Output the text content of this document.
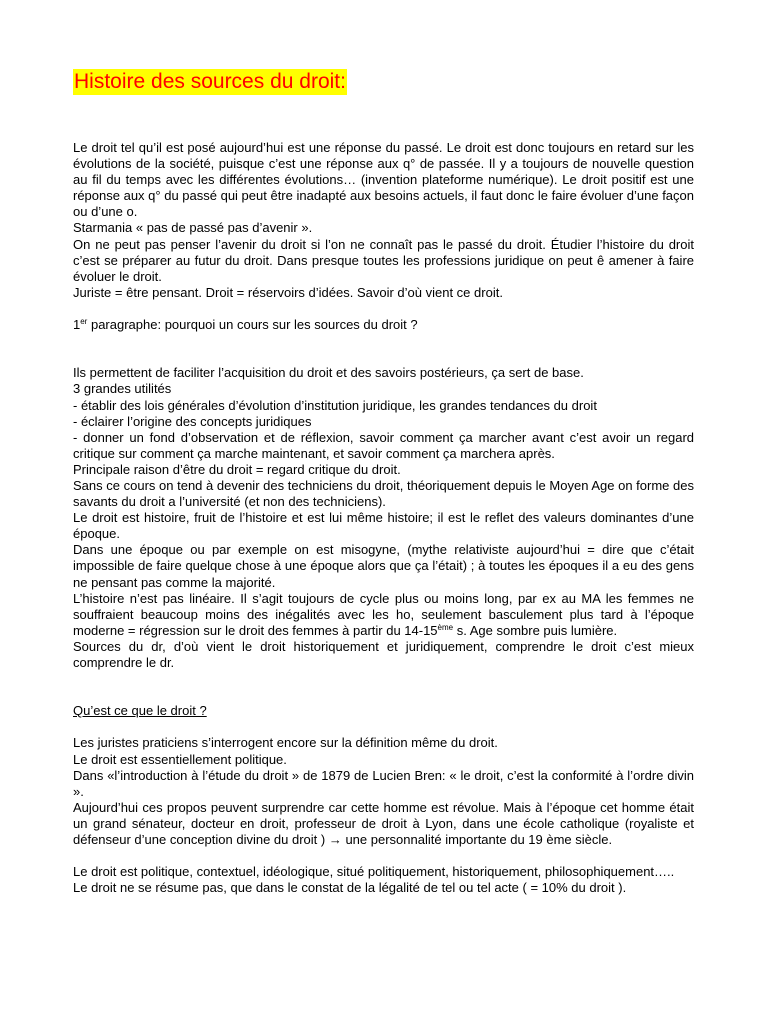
Histoire des sources du droit:

Le droit tel qu’il est posé aujourd’hui est une réponse du passé. Le droit est donc toujours en retard sur les évolutions de la société, puisque c’est une réponse aux q° de passée. Il y a toujours de nouvelle question au fil du temps avec les différentes évolutions… (invention plateforme numérique). Le droit positif est une réponse aux q° du passé qui peut être inadapté aux besoins actuels, il faut donc le faire évoluer d’une façon ou d’une o.

Starmania « pas de passé pas d’avenir ».

On ne peut pas penser l’avenir du droit si l’on ne connaît pas le passé du droit. Étudier l’histoire du droit c’est se préparer au futur du droit. Dans presque toutes les professions juridique on peut ê amener à faire évoluer le droit.

Juriste = être pensant. Droit = réservoirs d’idées. Savoir d’où vient ce droit.

1er paragraphe: pourquoi un cours sur les sources du droit ?

Ils permettent de faciliter l’acquisition du droit et des savoirs postérieurs, ça sert de base.

3 grandes utilités

- établir des lois générales d’évolution d’institution juridique, les grandes tendances du droit

- éclairer l’origine des concepts juridiques

- donner un fond d’observation et de réflexion, savoir comment ça marcher avant c’est avoir un regard critique sur comment ça marche maintenant, et savoir comment ça marchera après.

Principale raison d’être du droit = regard critique du droit.

Sans ce cours on tend à devenir des techniciens du droit, théoriquement depuis le Moyen Age on forme des savants du droit a l’université (et non des techniciens).

Le droit est histoire, fruit de l’histoire et est lui même histoire; il est le reflet des valeurs dominantes d’une époque.

Dans une époque ou par exemple on est misogyne, (mythe relativiste aujourd’hui = dire que c’était impossible de faire quelque chose à une époque alors que ça l’était) ; à toutes les époques il a eu des gens ne pensant pas comme la majorité.

L’histoire n’est pas linéaire. Il s’agit toujours de cycle plus ou moins long, par ex au MA les femmes ne souffraient beaucoup moins des inégalités avec les ho, seulement basculement plus tard à l’époque moderne = régression sur le droit des femmes à partir du 14-15ème s. Age sombre puis lumière.

Sources du dr, d’où vient le droit historiquement et juridiquement, comprendre le droit c’est mieux comprendre le dr.

Qu’est ce que le droit ?

Les juristes praticiens s’interrogent encore sur la définition même du droit.

Le droit est essentiellement politique.

Dans «l’introduction à l’étude du droit » de 1879 de Lucien Bren: « le droit, c’est la conformité à l’ordre divin ».

Aujourd’hui ces propos peuvent surprendre car cette homme est révolue. Mais à l’époque cet homme était un grand sénateur, docteur en droit, professeur de droit à Lyon, dans une école catholique (royaliste et défenseur d’une conception divine du droit ) → une personnalité importante du 19 ème siècle.

Le droit est politique, contextuel, idéologique, situé politiquement, historiquement, philosophiquement…..

Le droit ne se résume pas, que dans le constat de la légalité de tel ou tel acte ( = 10% du droit ).
